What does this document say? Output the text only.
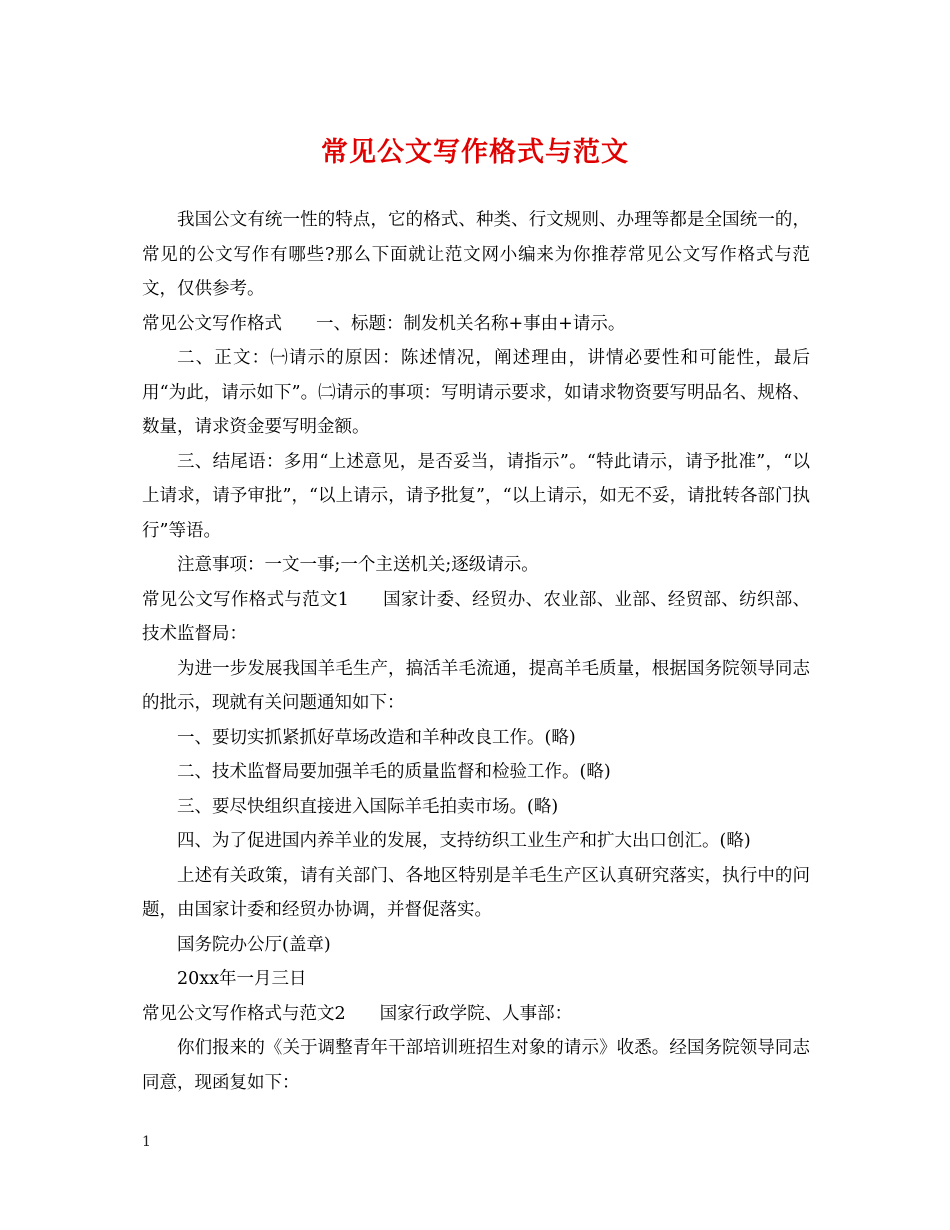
常见公文写作格式与范文

我国公文有统一性的特点，它的格式、种类、行文规则、办理等都是全国统一的，常见的公文写作有哪些?那么下面就让范文网小编来为你推荐常见公文写作格式与范文，仅供参考。

常见公文写作格式 一、标题：制发机关名称+事由+请示。

二、正文：㈠请示的原因：陈述情况，阐述理由，讲情必要性和可能性，最后用“为此，请示如下”。㈡请示的事项：写明请示要求，如请求物资要写明品名、规格、数量，请求资金要写明金额。

三、结尾语：多用“上述意见，是否妥当，请指示”。“特此请示，请予批准”，“以上请求，请予审批”，“以上请示，请予批复”，“以上请示，如无不妥，请批转各部门执行”等语。

注意事项：一文一事;一个主送机关;逐级请示。

常见公文写作格式与范文1 国家计委、经贸办、农业部、业部、经贸部、纺织部、技术监督局：

为进一步发展我国羊毛生产，搞活羊毛流通，提高羊毛质量，根据国务院领导同志的批示，现就有关问题通知如下：

一、要切实抓紧抓好草场改造和羊种改良工作。(略)

二、技术监督局要加强羊毛的质量监督和检验工作。(略)

三、要尽快组织直接进入国际羊毛拍卖市场。(略)

四、为了促进国内养羊业的发展，支持纺织工业生产和扩大出口创汇。(略)

上述有关政策，请有关部门、各地区特别是羊毛生产区认真研究落实，执行中的问题，由国家计委和经贸办协调，并督促落实。

国务院办公厅(盖章)

20xx年一月三日

常见公文写作格式与范文2 国家行政学院、人事部：

你们报来的《关于调整青年干部培训班招生对象的请示》收悉。经国务院领导同志同意，现函复如下：

1
